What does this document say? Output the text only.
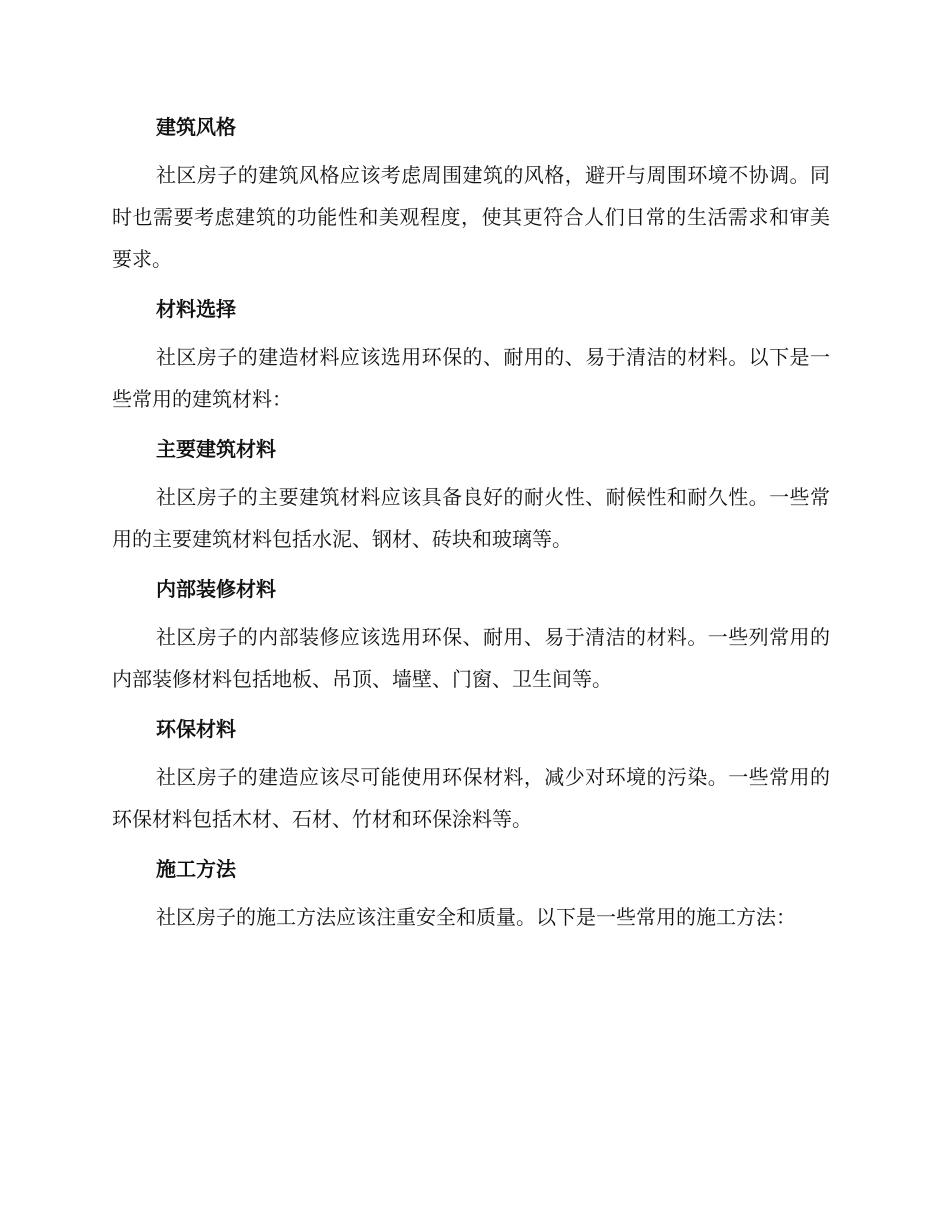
建筑风格

社区房子的建筑风格应该考虑周围建筑的风格，避开与周围环境不协调。同时也需要考虑建筑的功能性和美观程度，使其更符合人们日常的生活需求和审美要求。

材料选择

社区房子的建造材料应该选用环保的、耐用的、易于清洁的材料。以下是一些常用的建筑材料：

主要建筑材料

社区房子的主要建筑材料应该具备良好的耐火性、耐候性和耐久性。一些常用的主要建筑材料包括水泥、钢材、砖块和玻璃等。

内部装修材料

社区房子的内部装修应该选用环保、耐用、易于清洁的材料。一些列常用的内部装修材料包括地板、吊顶、墙壁、门窗、卫生间等。

环保材料

社区房子的建造应该尽可能使用环保材料，减少对环境的污染。一些常用的环保材料包括木材、石材、竹材和环保涂料等。

施工方法

社区房子的施工方法应该注重安全和质量。以下是一些常用的施工方法：
